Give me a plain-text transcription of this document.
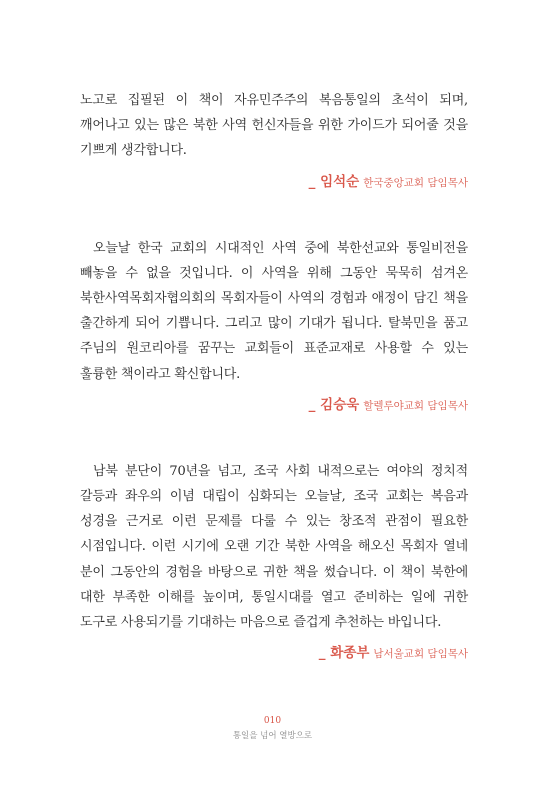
노고로 집필된 이 책이 자유민주주의 복음통일의 초석이 되며, 깨어나고 있는 많은 북한 사역 헌신자들을 위한 가이드가 되어줄 것을 기쁘게 생각합니다.

_ 임석순 한국중앙교회 담임목사

오늘날 한국 교회의 시대적인 사역 중에 북한선교와 통일비전을 빼놓을 수 없을 것입니다. 이 사역을 위해 그동안 묵묵히 섬겨온 북한사역목회자협의회의 목회자들이 사역의 경험과 애정이 담긴 책을 출간하게 되어 기쁩니다. 그리고 많이 기대가 됩니다. 탈북민을 품고 주님의 원코리아를 꿈꾸는 교회들이 표준교재로 사용할 수 있는 훌륭한 책이라고 확신합니다.

_ 김승욱 할렐루야교회 담임목사

남북 분단이 70년을 넘고, 조국 사회 내적으로는 여야의 정치적 갈등과 좌우의 이념 대립이 심화되는 오늘날, 조국 교회는 복음과 성경을 근거로 이런 문제를 다룰 수 있는 창조적 관점이 필요한 시점입니다. 이런 시기에 오랜 기간 북한 사역을 해오신 목회자 열네 분이 그동안의 경험을 바탕으로 귀한 책을 썼습니다. 이 책이 북한에 대한 부족한 이해를 높이며, 통일시대를 열고 준비하는 일에 귀한 도구로 사용되기를 기대하는 마음으로 즐겁게 추천하는 바입니다.

_ 화종부 남서울교회 담임목사
010
통일을 넘어 열방으로
